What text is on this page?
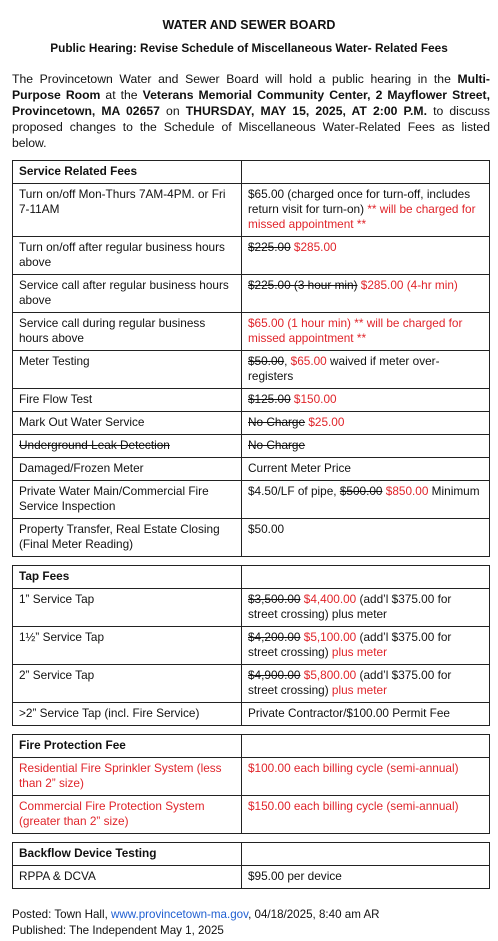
WATER AND SEWER BOARD
Public Hearing: Revise Schedule of Miscellaneous Water- Related Fees
The Provincetown Water and Sewer Board will hold a public hearing in the Multi-Purpose Room at the Veterans Memorial Community Center, 2 Mayflower Street, Provincetown, MA 02657 on THURSDAY, MAY 15, 2025, AT 2:00 P.M. to discuss proposed changes to the Schedule of Miscellaneous Water-Related Fees as listed below.
Service Related Fees	
Turn on/off Mon-Thurs 7AM-4PM. or Fri 7-11AM	$65.00 (charged once for turn-off, includes return visit for turn-on) ** will be charged for missed appointment **
Turn on/off after regular business hours above	$225.00 $285.00
Service call after regular business hours above	$225.00 (3 hour min) $285.00 (4-hr min)
Service call during regular business hours above	$65.00 (1 hour min) ** will be charged for missed appointment **
Meter Testing	$50.00, $65.00 waived if meter over-registers
Fire Flow Test	$125.00 $150.00
Mark Out Water Service	No Charge $25.00
Underground Leak Detection	No Charge
Damaged/Frozen Meter	Current Meter Price
Private Water Main/Commercial Fire Service Inspection	$4.50/LF of pipe, $500.00 $850.00 Minimum
Property Transfer, Real Estate Closing (Final Meter Reading)	$50.00

Tap Fees	
1” Service Tap	$3,500.00 $4,400.00 (add’l $375.00 for street crossing) plus meter
1½” Service Tap	$4,200.00 $5,100.00 (add’l $375.00 for street crossing) plus meter
2” Service Tap	$4,900.00 $5,800.00 (add’l $375.00 for street crossing) plus meter
>2” Service Tap (incl. Fire Service)	Private Contractor/$100.00 Permit Fee

Fire Protection Fee	
Residential Fire Sprinkler System (less than 2” size)	$100.00 each billing cycle (semi-annual)
Commercial Fire Protection System (greater than 2” size)	$150.00 each billing cycle (semi-annual)

Backflow Device Testing	
RPPA & DCVA	$95.00 per device
Posted: Town Hall, www.provincetown-ma.gov, 04/18/2025, 8:40 am AR
Published: The Independent May 1, 2025
